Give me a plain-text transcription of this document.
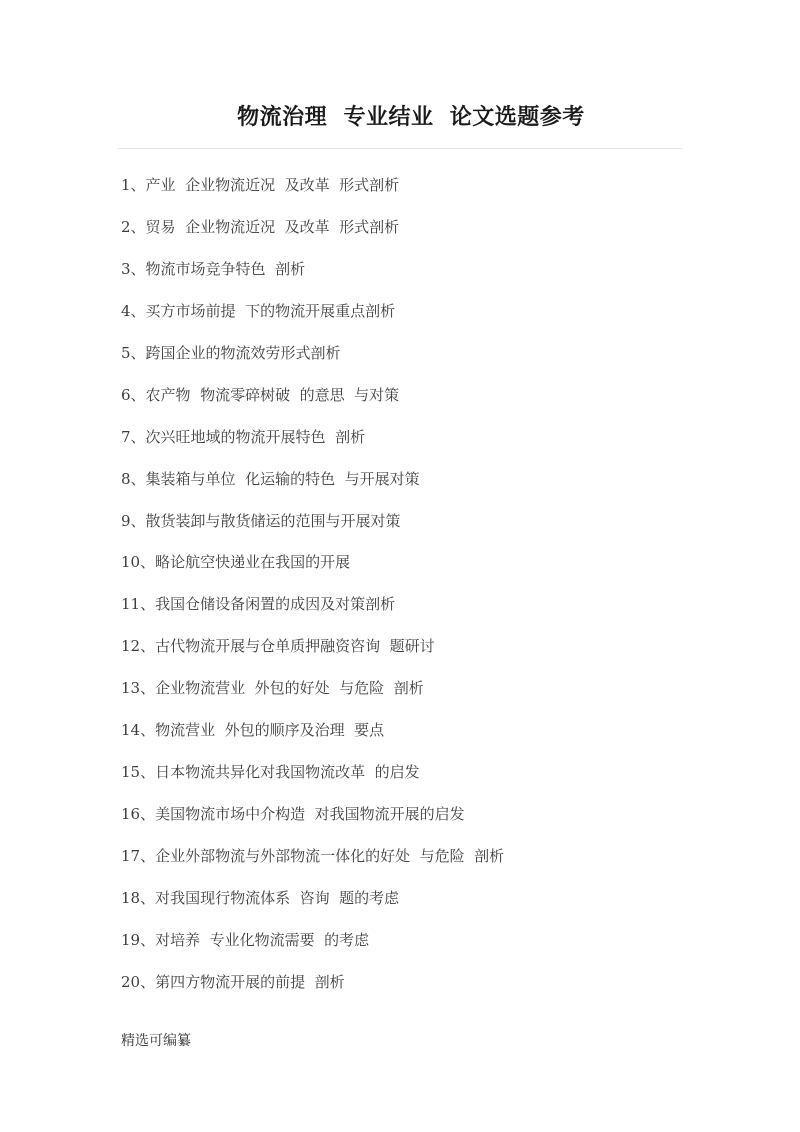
物流治理  专业结业  论文选题参考
1、产业  企业物流近况  及改革  形式剖析
2、贸易  企业物流近况  及改革  形式剖析
3、物流市场竞争特色  剖析
4、买方市场前提  下的物流开展重点剖析
5、跨国企业的物流效劳形式剖析
6、农产物  物流零碎树破  的意思  与对策
7、次兴旺地域的物流开展特色  剖析
8、集装箱与单位  化运输的特色  与开展对策
9、散货装卸与散货储运的范围与开展对策
10、略论航空快递业在我国的开展
11、我国仓储设备闲置的成因及对策剖析
12、古代物流开展与仓单质押融资咨询  题研讨
13、企业物流营业  外包的好处  与危险  剖析
14、物流营业  外包的顺序及治理  要点
15、日本物流共异化对我国物流改革  的启发
16、美国物流市场中介构造  对我国物流开展的启发
17、企业外部物流与外部物流一体化的好处  与危险  剖析
18、对我国现行物流体系  咨询  题的考虑
19、对培养  专业化物流需要  的考虑
20、第四方物流开展的前提  剖析
精选可编纂
